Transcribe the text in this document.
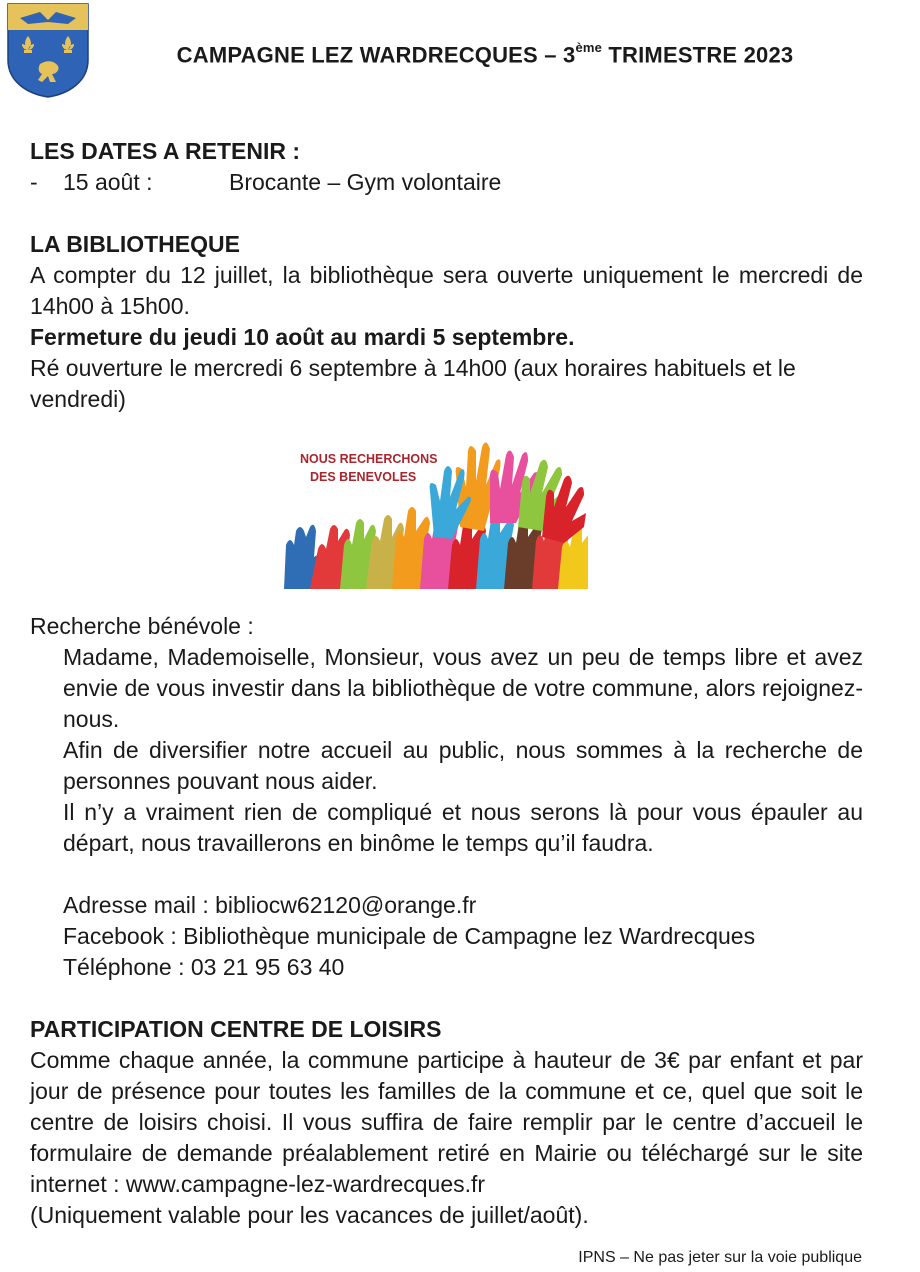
CAMPAGNE LEZ WARDRECQUES – 3ème TRIMESTRE 2023
LES DATES A RETENIR :
-	15 août :	Brocante – Gym volontaire
LA BIBLIOTHEQUE

A compter du 12 juillet, la bibliothèque sera ouverte uniquement le mercredi de 14h00 à 15h00.

Fermeture du jeudi 10 août au mardi 5 septembre.

Ré ouverture le mercredi 6 septembre à 14h00 (aux horaires habituels et le vendredi)

NOUS RECHERCHONS
DES BENEVOLES

Recherche bénévole :

Madame, Mademoiselle, Monsieur, vous avez un peu de temps libre et avez envie de vous investir dans la bibliothèque de votre commune, alors rejoignez-nous.

Afin de diversifier notre accueil au public, nous sommes à la recherche de personnes pouvant nous aider.

Il n’y a vraiment rien de compliqué et nous serons là pour vous épauler au départ, nous travaillerons en binôme le temps qu’il faudra.

Adresse mail : bibliocw62120@orange.fr

Facebook : Bibliothèque municipale de Campagne lez Wardrecques

Téléphone : 03 21 95 63 40

PARTICIPATION CENTRE DE LOISIRS

Comme chaque année, la commune participe à hauteur de 3€ par enfant et par jour de présence pour toutes les familles de la commune et ce, quel que soit le centre de loisirs choisi. Il vous suffira de faire remplir par le centre d’accueil le formulaire de demande préalablement retiré en Mairie ou téléchargé sur le site internet : www.campagne-lez-wardrecques.fr

(Uniquement valable pour les vacances de juillet/août).

IPNS – Ne pas jeter sur la voie publique
